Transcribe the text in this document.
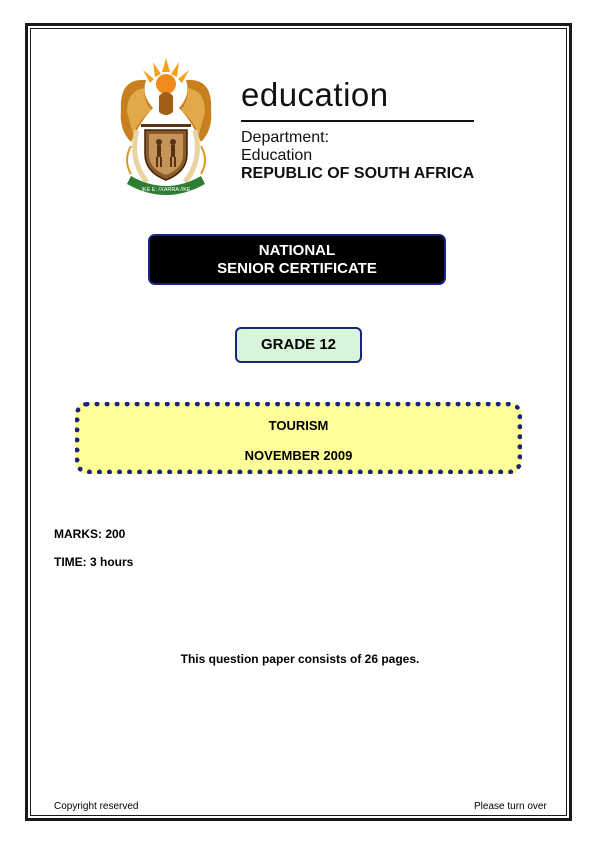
!KE E: /XARRA //KE
education
Department:
Education
REPUBLIC OF SOUTH AFRICA
NATIONAL
SENIOR CERTIFICATE
GRADE 12
TOURISM
NOVEMBER 2009
MARKS: 200
TIME: 3 hours
This question paper consists of 26 pages.
Copyright reserved	Please turn over
